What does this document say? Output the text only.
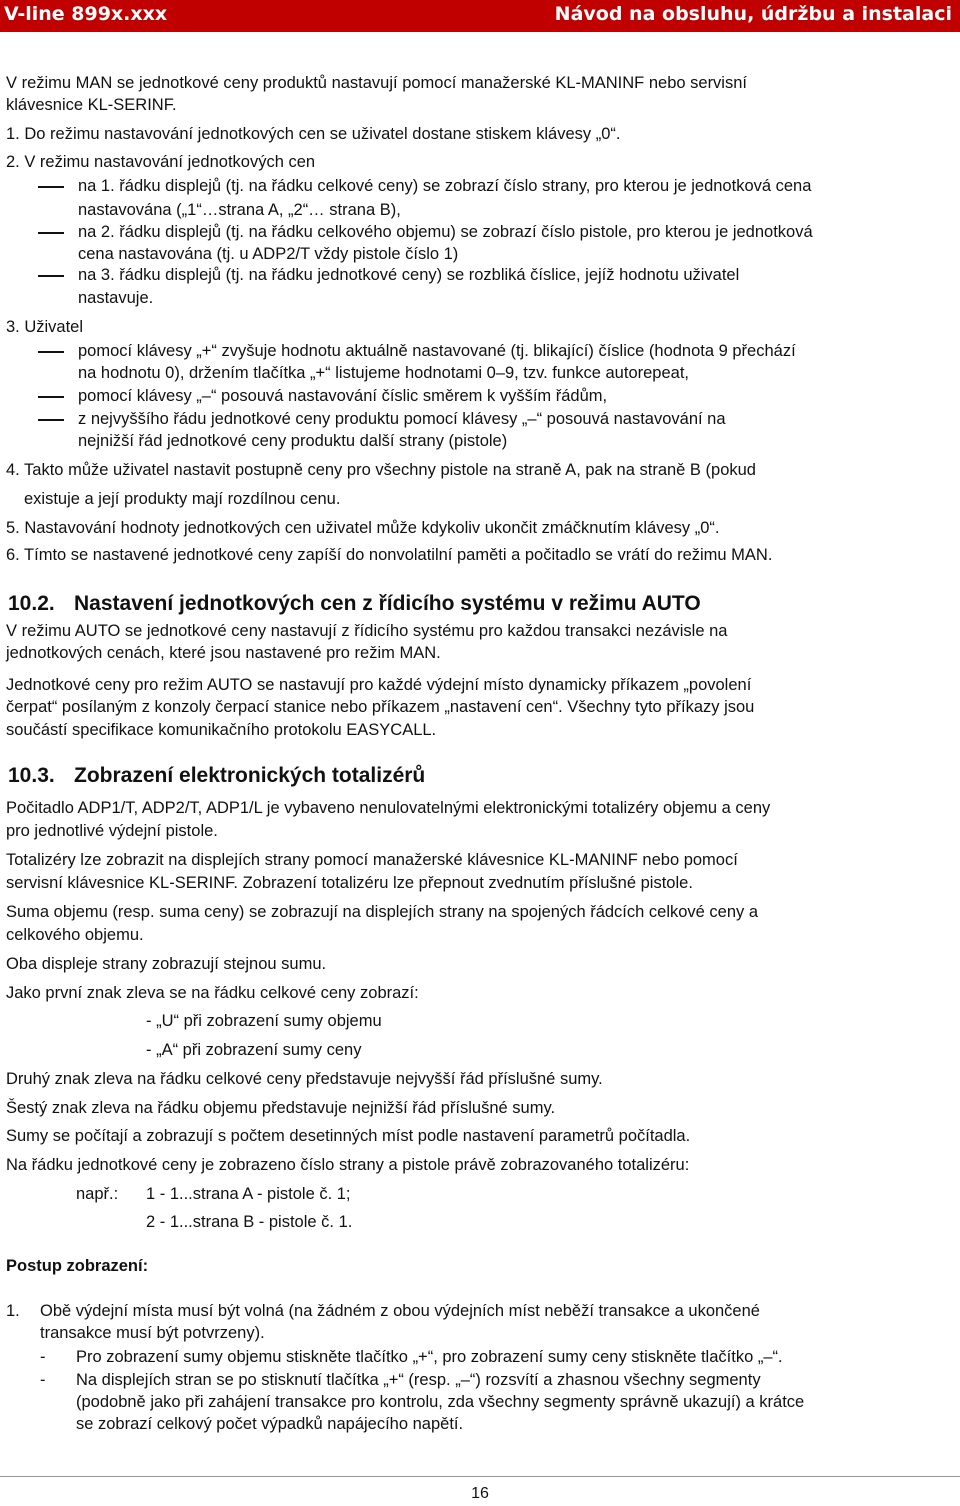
V-line 899x.xxx	Návod na obsluhu, údržbu a instalaci
V režimu MAN se jednotkové ceny produktů nastavují pomocí manažerské KL-MANINF nebo servisní
klávesnice KL-SERINF.
1. Do režimu nastavování jednotkových cen se uživatel dostane stiskem klávesy „0“.
2. V režimu nastavování jednotkových cen
na 1. řádku displejů (tj. na řádku celkové ceny) se zobrazí číslo strany, pro kterou je jednotková cena
nastavována („1“…strana A, „2“… strana B),
na 2. řádku displejů (tj. na řádku celkového objemu) se zobrazí číslo pistole, pro kterou je jednotková
cena nastavována (tj. u ADP2/T vždy pistole číslo 1)
na 3. řádku displejů (tj. na řádku jednotkové ceny) se rozbliká číslice, jejíž hodnotu uživatel
nastavuje.
3. Uživatel
pomocí klávesy „+“ zvyšuje hodnotu aktuálně nastavované (tj. blikající) číslice (hodnota 9 přechází
na hodnotu 0), držením tlačítka „+“ listujeme hodnotami 0–9, tzv. funkce autorepeat,
pomocí klávesy „–“ posouvá nastavování číslic směrem k vyšším řádům,
z nejvyššího řádu jednotkové ceny produktu pomocí klávesy „–“ posouvá nastavování na
nejnižší řád jednotkové ceny produktu další strany (pistole)
4. Takto může uživatel nastavit postupně ceny pro všechny pistole na straně A, pak na straně B (pokud
existuje a její produkty mají rozdílnou cenu.
5. Nastavování hodnoty jednotkových cen uživatel může kdykoliv ukončit zmáčknutím klávesy „0“.
6. Tímto se nastavené jednotkové ceny zapíší do nonvolatilní paměti a počitadlo se vrátí do režimu MAN.
10.2. Nastavení jednotkových cen z řídicího systému v režimu AUTO
V režimu AUTO se jednotkové ceny nastavují z řídicího systému pro každou transakci nezávisle na
jednotkových cenách, které jsou nastavené pro režim MAN.
Jednotkové ceny pro režim AUTO se nastavují pro každé výdejní místo dynamicky příkazem „povolení
čerpat“ posílaným z konzoly čerpací stanice nebo příkazem „nastavení cen“. Všechny tyto příkazy jsou
součástí specifikace komunikačního protokolu EASYCALL.
10.3. Zobrazení elektronických totalizérů
Počitadlo ADP1/T, ADP2/T, ADP1/L je vybaveno nenulovatelnými elektronickými totalizéry objemu a ceny
pro jednotlivé výdejní pistole.
Totalizéry lze zobrazit na displejích strany pomocí manažerské klávesnice KL-MANINF nebo pomocí
servisní klávesnice KL-SERINF. Zobrazení totalizéru lze přepnout zvednutím příslušné pistole.
Suma objemu (resp. suma ceny) se zobrazují na displejích strany na spojených řádcích celkové ceny a
celkového objemu.
Oba displeje strany zobrazují stejnou sumu.
Jako první znak zleva se na řádku celkové ceny zobrazí:
- „U“ při zobrazení sumy objemu
- „A“ při zobrazení sumy ceny
Druhý znak zleva na řádku celkové ceny představuje nejvyšší řád příslušné sumy.
Šestý znak zleva na řádku objemu představuje nejnižší řád příslušné sumy.
Sumy se počítají a zobrazují s počtem desetinných míst podle nastavení parametrů počítadla.
Na řádku jednotkové ceny je zobrazeno číslo strany a pistole právě zobrazovaného totalizéru:
např.: 1 - 1...strana A - pistole č. 1;
2 - 1...strana B - pistole č. 1.
Postup zobrazení:
1. Obě výdejní místa musí být volná (na žádném z obou výdejních míst neběží transakce a ukončené
transakce musí být potvrzeny).
- Pro zobrazení sumy objemu stiskněte tlačítko „+“, pro zobrazení sumy ceny stiskněte tlačítko „–“.
- Na displejích stran se po stisknutí tlačítka „+“ (resp. „–“) rozsvítí a zhasnou všechny segmenty
(podobně jako při zahájení transakce pro kontrolu, zda všechny segmenty správně ukazují) a krátce
se zobrazí celkový počet výpadků napájecího napětí.
16
